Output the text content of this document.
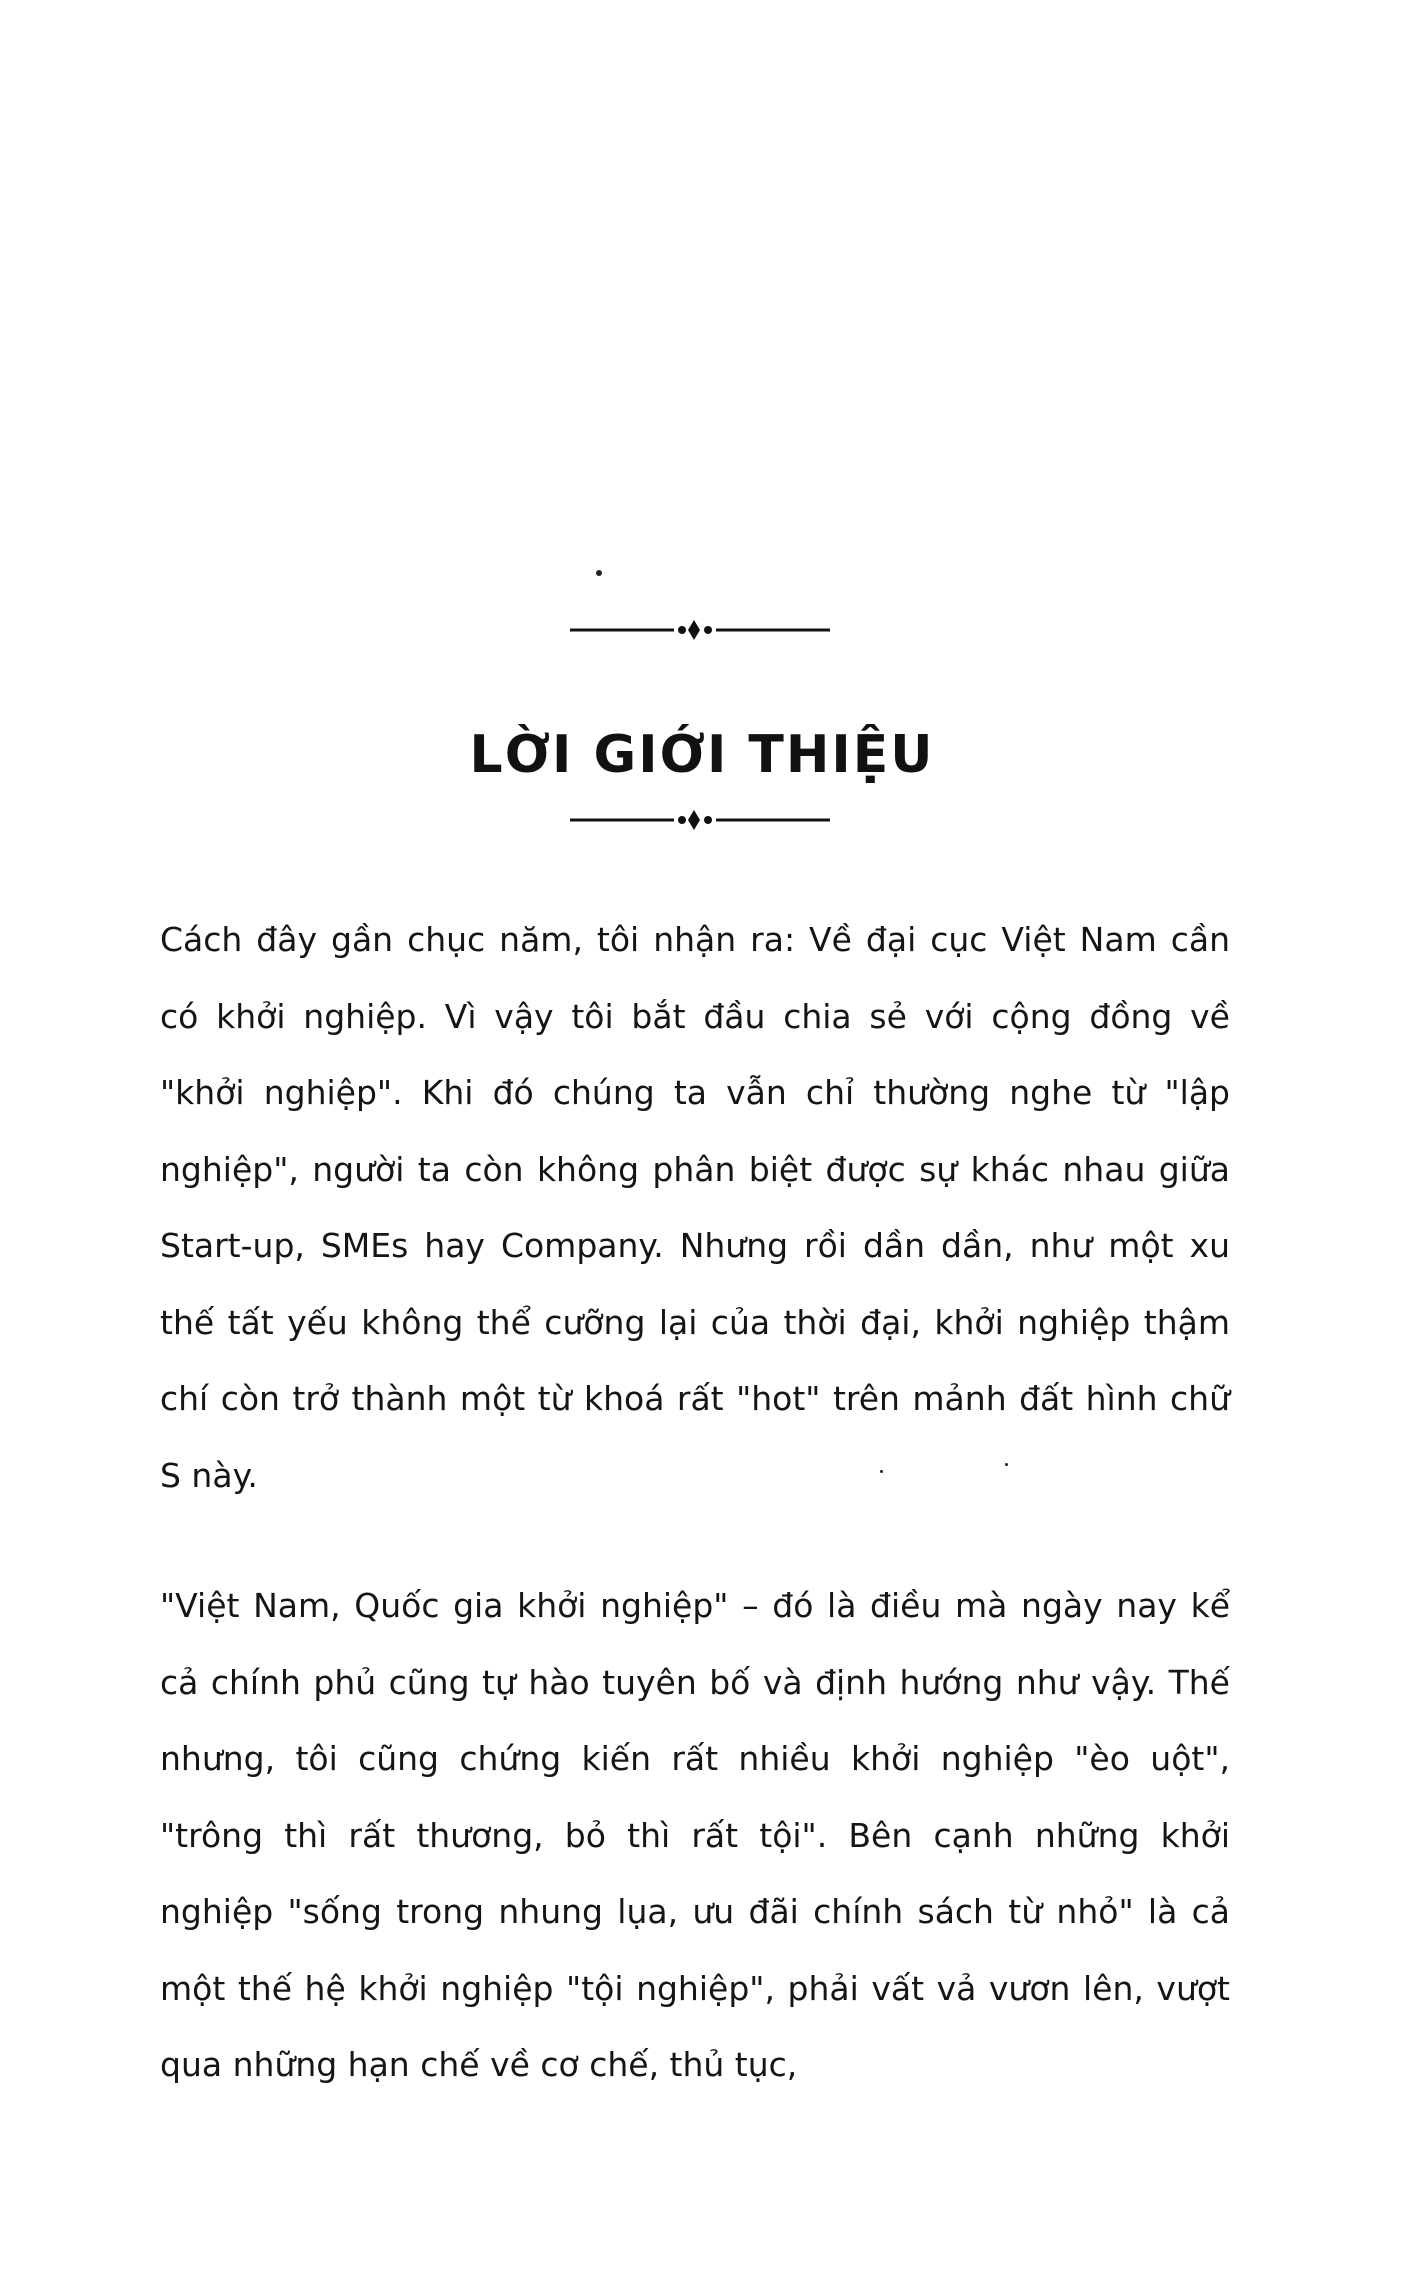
LỜI GIỚI THIỆU

Cách đây gần chục năm, tôi nhận ra: Về đại cục Việt Nam cần có khởi nghiệp. Vì vậy tôi bắt đầu chia sẻ với cộng đồng về "khởi nghiệp". Khi đó chúng ta vẫn chỉ thường nghe từ "lập nghiệp", người ta còn không phân biệt được sự khác nhau giữa Start-up, SMEs hay Company. Nhưng rồi dần dần, như một xu thế tất yếu không thể cưỡng lại của thời đại, khởi nghiệp thậm chí còn trở thành một từ khoá rất "hot" trên mảnh đất hình chữ S này.

"Việt Nam, Quốc gia khởi nghiệp" – đó là điều mà ngày nay kể cả chính phủ cũng tự hào tuyên bố và định hướng như vậy. Thế nhưng, tôi cũng chứng kiến rất nhiều khởi nghiệp "èo uột", "trông thì rất thương, bỏ thì rất tội". Bên cạnh những khởi nghiệp "sống trong nhung lụa, ưu đãi chính sách từ nhỏ" là cả một thế hệ khởi nghiệp "tội nghiệp", phải vất vả vươn lên, vượt qua những hạn chế về cơ chế, thủ tục,
